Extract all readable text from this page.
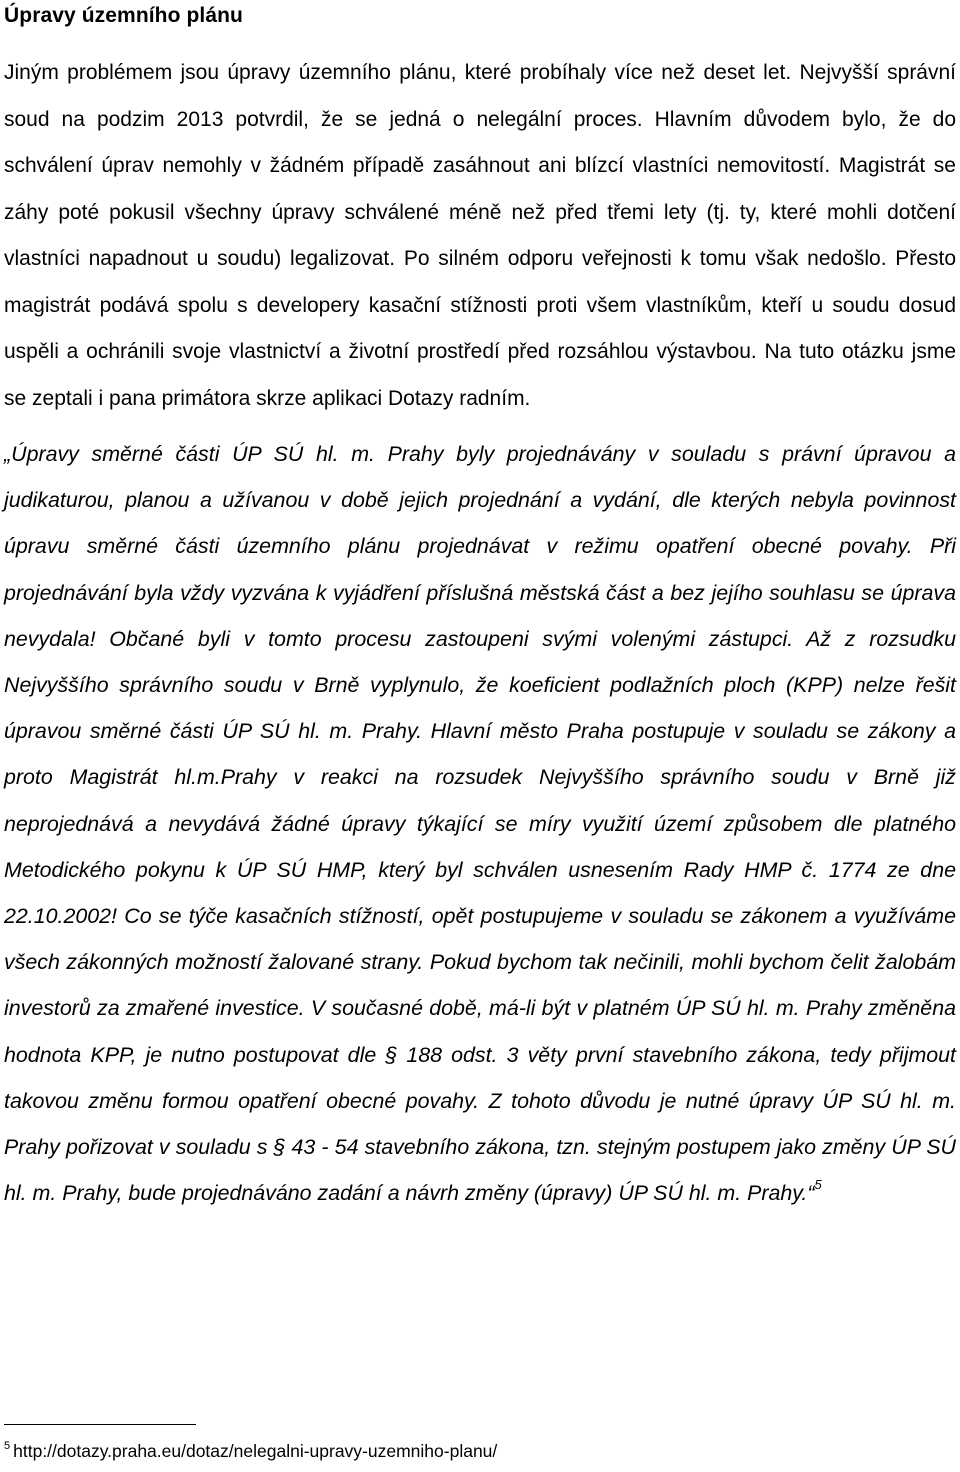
Úpravy územního plánu

Jiným problémem jsou úpravy územního plánu, které probíhaly více než deset let. Nejvyšší správní soud na podzim 2013 potvrdil, že se jedná o nelegální proces. Hlavním důvodem bylo, že do schválení úprav nemohly v žádném případě zasáhnout ani blízcí vlastníci nemovitostí. Magistrát se záhy poté pokusil všechny úpravy schválené méně než před třemi lety (tj. ty, které mohli dotčení vlastníci napadnout u soudu) legalizovat. Po silném odporu veřejnosti k tomu však nedošlo. Přesto magistrát podává spolu s developery kasační stížnosti proti všem vlastníkům, kteří u soudu dosud uspěli a ochránili svoje vlastnictví a životní prostředí před rozsáhlou výstavbou. Na tuto otázku jsme se zeptali i pana primátora skrze aplikaci Dotazy radním.

„Úpravy směrné části ÚP SÚ hl. m. Prahy byly projednávány v souladu s právní úpravou a judikaturou, planou a užívanou v době jejich projednání a vydání, dle kterých nebyla povinnost úpravu směrné části územního plánu projednávat v režimu opatření obecné povahy. Při projednávání byla vždy vyzvána k vyjádření příslušná městská část a bez jejího souhlasu se úprava nevydala! Občané byli v tomto procesu zastoupeni svými volenými zástupci. Až z rozsudku Nejvyššího správního soudu v Brně vyplynulo, že koeficient podlažních ploch (KPP) nelze řešit úpravou směrné části ÚP SÚ hl. m. Prahy. Hlavní město Praha postupuje v souladu se zákony a proto Magistrát hl.m.Prahy v reakci na rozsudek Nejvyššího správního soudu v Brně již neprojednává a nevydává žádné úpravy týkající se míry využití území způsobem dle platného Metodického pokynu k ÚP SÚ HMP, který byl schválen usnesením Rady HMP č. 1774 ze dne 22.10.2002! Co se týče kasačních stížností, opět postupujeme v souladu se zákonem a využíváme všech zákonných možností žalované strany. Pokud bychom tak nečinili, mohli bychom čelit žalobám investorů za zmařené investice. V současné době, má-li být v platném ÚP SÚ hl. m. Prahy změněna hodnota KPP, je nutno postupovat dle § 188 odst. 3 věty první stavebního zákona, tedy přijmout takovou změnu formou opatření obecné povahy. Z tohoto důvodu je nutné úpravy ÚP SÚ hl. m. Prahy pořizovat v souladu s § 43 - 54 stavebního zákona, tzn. stejným postupem jako změny ÚP SÚ hl. m. Prahy, bude projednáváno zadání a návrh změny (úpravy) ÚP SÚ hl. m. Prahy.“$^5$

$^5$ http://dotazy.praha.eu/dotaz/nelegalni-upravy-uzemniho-planu/
